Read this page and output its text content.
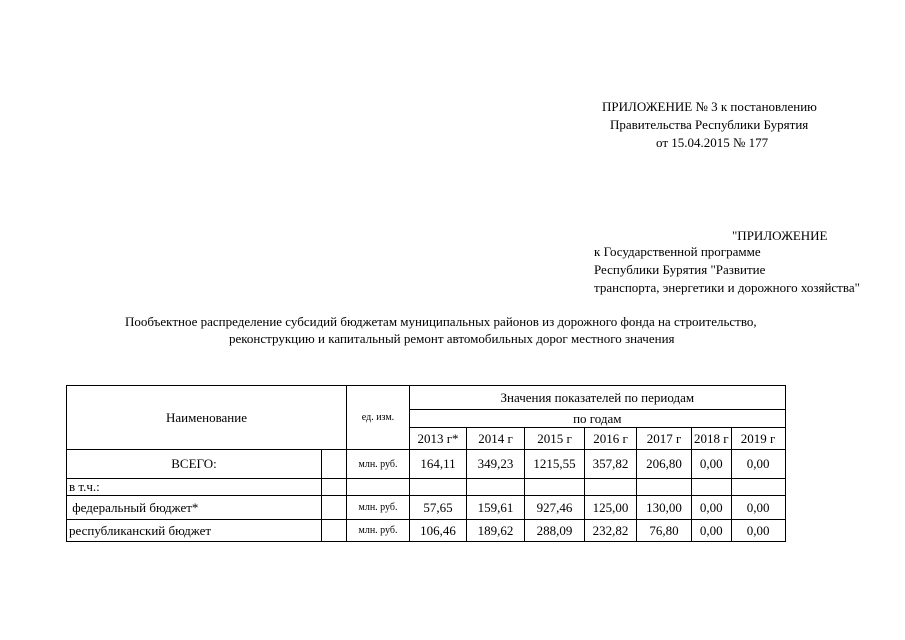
ПРИЛОЖЕНИЕ № 3 к постановлению
Правительства Республики Бурятия
от 15.04.2015 № 177
"ПРИЛОЖЕНИЕ
к Государственной программе
Республики Бурятия "Развитие
транспорта, энергетики и дорожного хозяйства"
Пообъектное распределение субсидий бюджетам муниципальных районов из дорожного фонда на строительство,
реконструкцию и капитальный ремонт автомобильных дорог местного значения
Наименование		ед. изм.	Значения показателей по периодам						
			по годам						
			2013 г*	2014 г	2015 г	2016 г	2017 г	2018 г	2019 г
ВСЕГО:		млн. руб.	164,11	349,23	1215,55	357,82	206,80	0,00	0,00
в т.ч.:									
федеральный бюджет*		млн. руб.	57,65	159,61	927,46	125,00	130,00	0,00	0,00
республиканский бюджет		млн. руб.	106,46	189,62	288,09	232,82	76,80	0,00	0,00
